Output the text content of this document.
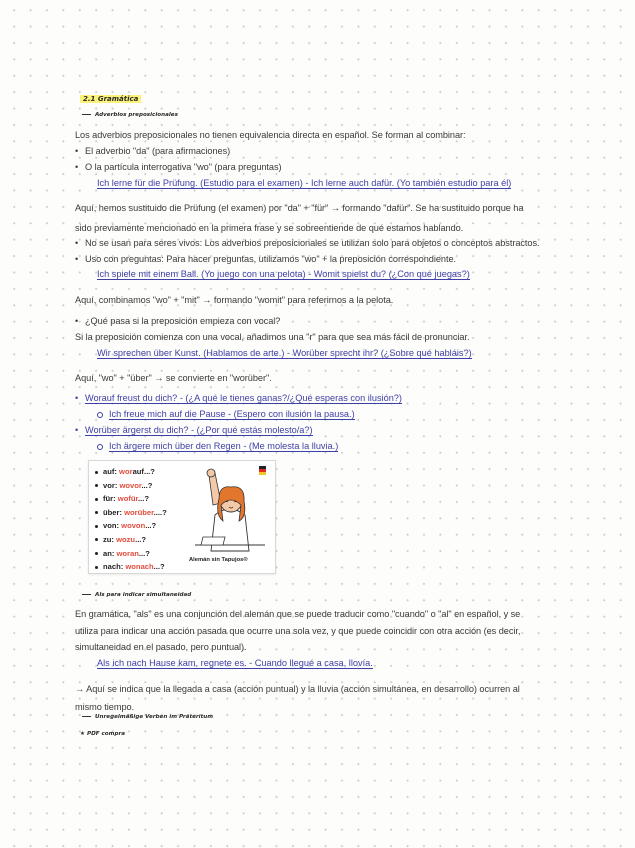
2.1 Gramática
Adverbios preposicionales
Los adverbios preposicionales no tienen equivalencia directa en español. Se forman al combinar:
• El adverbio "da" (para afirmaciones)
• O la partícula interrogativa "wo" (para preguntas)
Ich lerne für die Prüfung. (Estudio para el examen) - Ich lerne auch dafür. (Yo también estudio para él)
Aquí, hemos sustituido die Prüfung (el examen) por "da" + "für" → formando "dafür". Se ha sustituido porque ha
sido previamente mencionado en la primera frase y se sobreentiende de qué estamos hablando.
• No se usan para seres vivos: Los adverbios preposicionales se utilizan solo para objetos o conceptos abstractos.
• Uso con preguntas: Para hacer preguntas, utilizamos "wo" + la preposición correspondiente.
Ich spiele mit einem Ball. (Yo juego con una pelota) - Womit spielst du? (¿Con qué juegas?)
Aquí, combinamos "wo" + "mit" → formando "womit" para referirnos a la pelota.
• ¿Qué pasa si la preposición empieza con vocal?
Si la preposición comienza con una vocal, añadimos una "r" para que sea más fácil de pronunciar.
Wir sprechen über Kunst. (Hablamos de arte.) - Worüber sprecht ihr? (¿Sobre qué habláis?)
Aquí, "wo" + "über" → se convierte en "worüber".
• Worauf freust du dich? - (¿A qué le tienes ganas?/¿Qué esperas con ilusión?)
Ich freue mich auf die Pause - (Espero con ilusión la pausa.)
• Worüber ärgerst du dich? - (¿Por qué estás molesto/a?)
Ich ärgere mich über den Regen - (Me molesta la lluvia.)
auf: worauf...?
vor: wovor...?
für: wofür...?
über: worüber....?
von: wovon...?
zu: wozu...?
an: woran...?
nach: wonach...?
Alemán sin Tapujos®
Als para indicar simultaneidad
En gramática, "als" es una conjunción del alemán que se puede traducir como "cuando" o "al" en español, y se
utiliza para indicar una acción pasada que ocurre una sola vez, y que puede coincidir con otra acción (es decir,
simultaneidad en el pasado, pero puntual).
Als ich nach Hause kam, regnete es. - Cuando llegué a casa, llovía.
→ Aquí se indica que la llegada a casa (acción puntual) y la lluvia (acción simultánea, en desarrollo) ocurren al
mismo tiempo.
Unregelmäßige Verben im Präteritum
★ PDF compra
